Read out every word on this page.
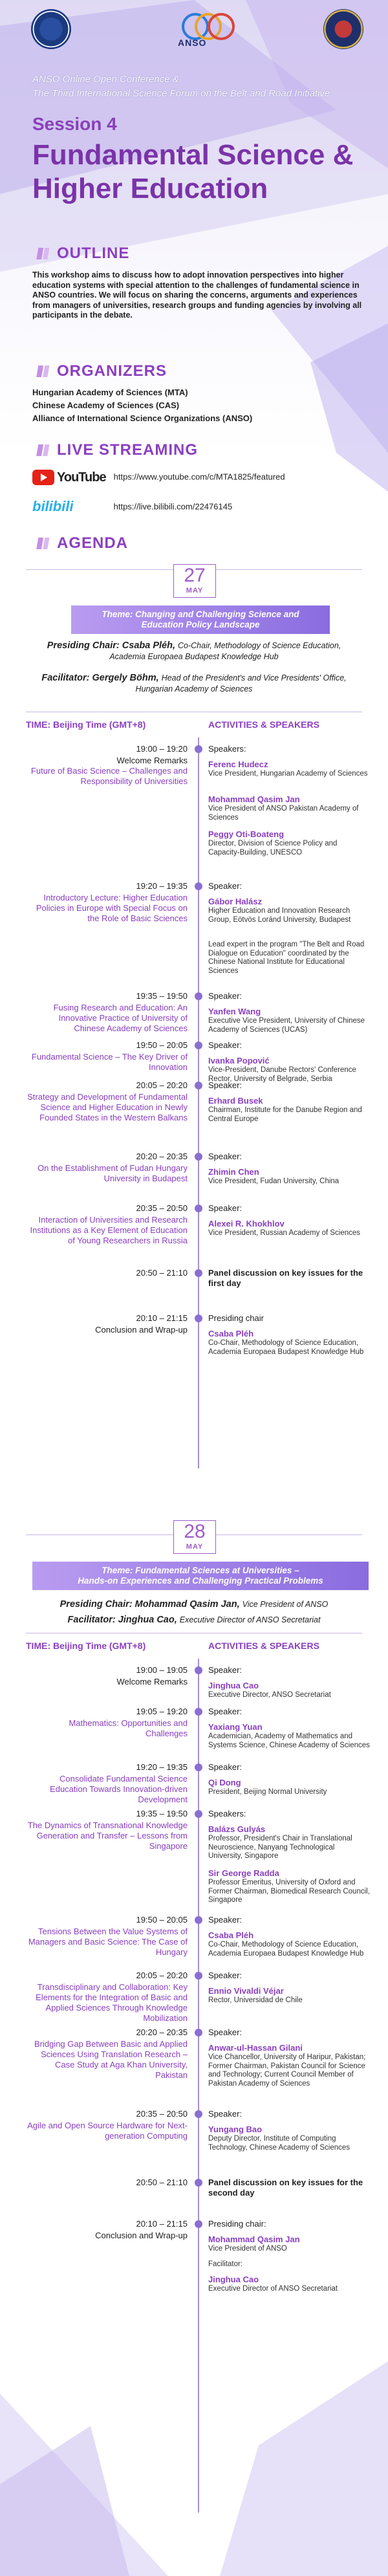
ANSO
ANSO Online Open Conference &
The Third International Science Forum on the Belt and Road Initiative
Session 4
Fundamental Science &
Higher Education
OUTLINE
This workshop aims to discuss how to adopt innovation perspectives into higher education systems with special attention to the challenges of fundamental science in ANSO countries. We will focus on sharing the concerns, arguments and experiences from managers of universities, research groups and funding agencies by involving all participants in the debate.
ORGANIZERS
Hungarian Academy of Sciences (MTA)
Chinese Academy of Sciences (CAS)
Alliance of International Science Organizations (ANSO)
LIVE STREAMING
YouTube https://www.youtube.com/c/MTA1825/featured
bilibili	https://live.bilibili.com/22476145
AGENDA
27
MAY
Theme: Changing and Challenging Science and
Education Policy Landscape
Presiding Chair: Csaba Pléh, Co-Chair, Methodology of Science Education,
Academia Europaea Budapest Knowledge Hub
Facilitator: Gergely Böhm, Head of the President's and Vice Presidents' Office,
Hungarian Academy of Sciences
TIME: Beijing Time (GMT+8)	ACTIVITIES & SPEAKERS
19:00 – 19:20
Welcome Remarks
Future of Basic Science – Challenges and Responsibility of Universities
Speakers:
Ferenc Hudecz
Vice President, Hungarian Academy of Sciences
Mohammad Qasim Jan
Vice President of ANSO Pakistan Academy of Sciences
Peggy Oti-Boateng
Director, Division of Science Policy and Capacity-Building, UNESCO
19:20 – 19:35
Introductory Lecture: Higher Education Policies in Europe with Special Focus on the Role of Basic Sciences
Speaker:
Gábor Halász
Higher Education and Innovation Research Group, Eötvös Loránd University, Budapest
Lead expert in the program "The Belt and Road Dialogue on Education" coordinated by the Chinese National Institute for Educational Sciences
19:35 – 19:50
Fusing Research and Education: An Innovative Practice of University of Chinese Academy of Sciences
Speaker:
Yanfen Wang
Executive Vice President, University of Chinese Academy of Sciences (UCAS)
19:50 – 20:05
Fundamental Science – The Key Driver of Innovation
Speaker:
Ivanka Popović
Vice-President, Danube Rectors' Conference Rector, University of Belgrade, Serbia
20:05 – 20:20
Strategy and Development of Fundamental Science and Higher Education in Newly Founded States in the Western Balkans
Speaker:
Erhard Busek
Chairman, Institute for the Danube Region and Central Europe
20:20 – 20:35
On the Establishment of Fudan Hungary University in Budapest
Speaker:
Zhimin Chen
Vice President, Fudan University, China
20:35 – 20:50
Interaction of Universities and Research Institutions as a Key Element of Education of Young Researchers in Russia
Speaker:
Alexei R. Khokhlov
Vice President, Russian Academy of Sciences
20:50 – 21:10 Panel discussion on key issues for the first day
20:10 – 21:15
Conclusion and Wrap-up
Presiding chair
Csaba Pléh
Co-Chair, Methodology of Science Education, Academia Europaea Budapest Knowledge Hub
28
MAY
Theme: Fundamental Sciences at Universities –
Hands-on Experiences and Challenging Practical Problems
Presiding Chair: Mohammad Qasim Jan, Vice President of ANSO
Facilitator: Jinghua Cao, Executive Director of ANSO Secretariat
TIME: Beijing Time (GMT+8)	ACTIVITIES & SPEAKERS
19:00 – 19:05
Welcome Remarks
Speaker:
Jinghua Cao
Executive Director, ANSO Secretariat
19:05 – 19:20
Mathematics: Opportunities and Challenges
Speaker:
Yaxiang Yuan
Academician, Academy of Mathematics and Systems Science, Chinese Academy of Sciences
19:20 – 19:35
Consolidate Fundamental Science Education Towards Innovation-driven Development
Speaker:
Qi Dong
President, Beijing Normal University
19:35 – 19:50
The Dynamics of Transnational Knowledge Generation and Transfer – Lessons from Singapore
Speakers:
Balázs Gulyás
Professor, President's Chair in Translational Neuroscience, Nanyang Technological University, Singapore
Sir George Radda
Professor Emeritus, University of Oxford and Former Chairman, Biomedical Research Council, Singapore
19:50 – 20:05
Tensions Between the Value Systems of Managers and Basic Science: The Case of Hungary
Speaker:
Csaba Pléh
Co-Chair, Methodology of Science Education, Academia Europaea Budapest Knowledge Hub
20:05 – 20:20
Transdisciplinary and Collaboration: Key Elements for the Integration of Basic and Applied Sciences Through Knowledge Mobilization
Speaker:
Ennio Vivaldi Véjar
Rector, Universidad de Chile
20:20 – 20:35
Bridging Gap Between Basic and Applied Sciences Using Translation Research – Case Study at Aga Khan University, Pakistan
Speaker:
Anwar-ul-Hassan Gilani
Vice Chancellor, University of Haripur, Pakistan; Former Chairman, Pakistan Council for Science and Technology; Current Council Member of Pakistan Academy of Sciences
20:35 – 20:50
Agile and Open Source Hardware for Next-generation Computing
Speaker:
Yungang Bao
Deputy Director, Institute of Computing Technology, Chinese Academy of Sciences
20:50 – 21:10 Panel discussion on key issues for the second day
20:10 – 21:15
Conclusion and Wrap-up
Presiding chair:
Mohammad Qasim Jan
Vice President of ANSO
Facilitator:
Jinghua Cao
Executive Director of ANSO Secretariat
